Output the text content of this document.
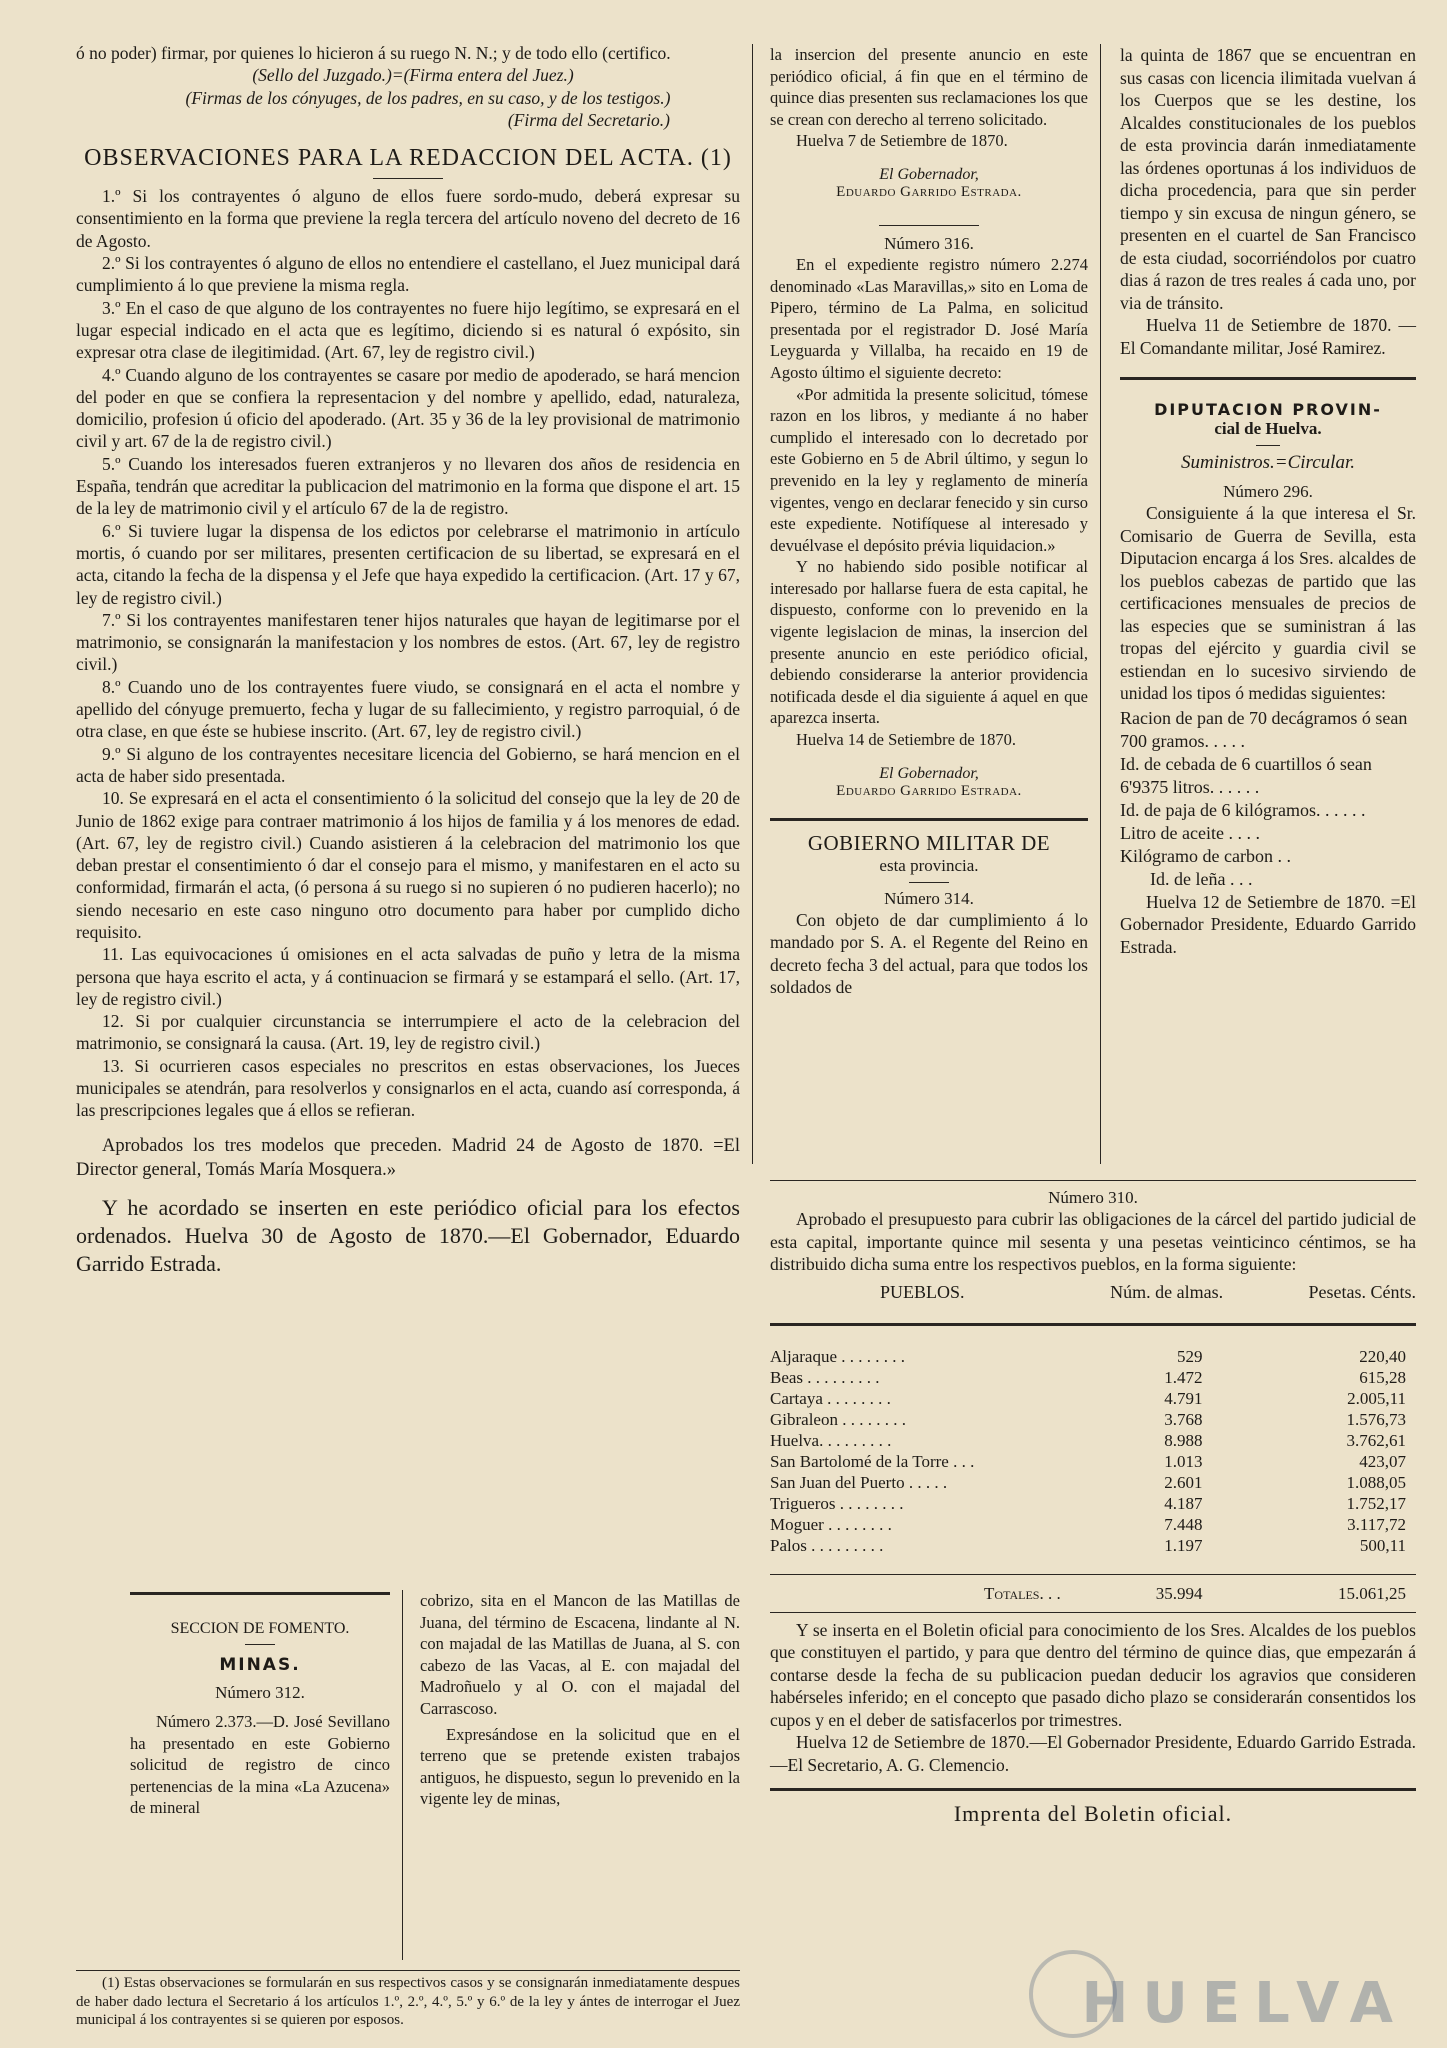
ó no poder) firmar, por quienes lo hicieron á su ruego N. N.; y de todo ello (certifico.

(Sello del Juzgado.)=(Firma entera del Juez.)

(Firmas de los cónyuges, de los padres, en su caso, y de los testigos.)

(Firma del Secretario.)

OBSERVACIONES PARA LA REDACCION DEL ACTA. (1)

1.º Si los contrayentes ó alguno de ellos fuere sordo-mudo, deberá expresar su consentimiento en la forma que previene la regla tercera del artículo noveno del decreto de 16 de Agosto.

2.º Si los contrayentes ó alguno de ellos no entendiere el castellano, el Juez municipal dará cumplimiento á lo que previene la misma regla.

3.º En el caso de que alguno de los contrayentes no fuere hijo legítimo, se expresará en el lugar especial indicado en el acta que es legítimo, diciendo si es natural ó expósito, sin expresar otra clase de ilegitimidad. (Art. 67, ley de registro civil.)

4.º Cuando alguno de los contrayentes se casare por medio de apoderado, se hará mencion del poder en que se confiera la representacion y del nombre y apellido, edad, naturaleza, domicilio, profesion ú oficio del apoderado. (Art. 35 y 36 de la ley provisional de matrimonio civil y art. 67 de la de registro civil.)

5.º Cuando los interesados fueren extranjeros y no llevaren dos años de residencia en España, tendrán que acreditar la publicacion del matrimonio en la forma que dispone el art. 15 de la ley de matrimonio civil y el artículo 67 de la de registro.

6.º Si tuviere lugar la dispensa de los edictos por celebrarse el matrimonio in artículo mortis, ó cuando por ser militares, presenten certificacion de su libertad, se expresará en el acta, citando la fecha de la dispensa y el Jefe que haya expedido la certificacion. (Art. 17 y 67, ley de registro civil.)

7.º Si los contrayentes manifestaren tener hijos naturales que hayan de legitimarse por el matrimonio, se consignarán la manifestacion y los nombres de estos. (Art. 67, ley de registro civil.)

8.º Cuando uno de los contrayentes fuere viudo, se consignará en el acta el nombre y apellido del cónyuge premuerto, fecha y lugar de su fallecimiento, y registro parroquial, ó de otra clase, en que éste se hubiese inscrito. (Art. 67, ley de registro civil.)

9.º Si alguno de los contrayentes necesitare licencia del Gobierno, se hará mencion en el acta de haber sido presentada.

10. Se expresará en el acta el consentimiento ó la solicitud del consejo que la ley de 20 de Junio de 1862 exige para contraer matrimonio á los hijos de familia y á los menores de edad. (Art. 67, ley de registro civil.) Cuando asistieren á la celebracion del matrimonio los que deban prestar el consentimiento ó dar el consejo para el mismo, y manifestaren en el acto su conformidad, firmarán el acta, (ó persona á su ruego si no supieren ó no pudieren hacerlo); no siendo necesario en este caso ninguno otro documento para haber por cumplido dicho requisito.

11. Las equivocaciones ú omisiones en el acta salvadas de puño y letra de la misma persona que haya escrito el acta, y á continuacion se firmará y se estampará el sello. (Art. 17, ley de registro civil.)

12. Si por cualquier circunstancia se interrumpiere el acto de la celebracion del matrimonio, se consignará la causa. (Art. 19, ley de registro civil.)

13. Si ocurrieren casos especiales no prescritos en estas observaciones, los Jueces municipales se atendrán, para resolverlos y consignarlos en el acta, cuando así corresponda, á las prescripciones legales que á ellos se refieran.

Aprobados los tres modelos que preceden. Madrid 24 de Agosto de 1870. =El Director general, Tomás María Mosquera.»

Y he acordado se inserten en este periódico oficial para los efectos ordenados. Huelva 30 de Agosto de 1870.—El Gobernador, Eduardo Garrido Estrada.

SECCION DE FOMENTO.
MINAS.
Número 312.

Número 2.373.—D. José Sevillano ha presentado en este Gobierno solicitud de registro de cinco pertenencias de la mina «La Azucena» de mineral

cobrizo, sita en el Mancon de las Matillas de Juana, del término de Escacena, lindante al N. con majadal de las Matillas de Juana, al S. con cabezo de las Vacas, al E. con majadal del Madroñuelo y al O. con el majadal del Carrascoso.

Expresándose en la solicitud que en el terreno que se pretende existen trabajos antiguos, he dispuesto, segun lo prevenido en la vigente ley de minas,

(1) Estas observaciones se formularán en sus respectivos casos y se consignarán inmediatamente despues de haber dado lectura el Secretario á los artículos 1.º, 2.º, 4.º, 5.º y 6.º de la ley y ántes de interrogar el Juez municipal á los contrayentes si se quieren por esposos.

la insercion del presente anuncio en este periódico oficial, á fin que en el término de quince dias presenten sus reclamaciones los que se crean con derecho al terreno solicitado.

Huelva 7 de Setiembre de 1870.

El Gobernador,

Eduardo Garrido Estrada.

Número 316.

En el expediente registro número 2.274 denominado «Las Maravillas,» sito en Loma de Pipero, término de La Palma, en solicitud presentada por el registrador D. José María Leyguarda y Villalba, ha recaido en 19 de Agosto último el siguiente decreto:

«Por admitida la presente solicitud, tómese razon en los libros, y mediante á no haber cumplido el interesado con lo decretado por este Gobierno en 5 de Abril último, y segun lo prevenido en la ley y reglamento de minería vigentes, vengo en declarar fenecido y sin curso este expediente. Notifíquese al interesado y devuélvase el depósito prévia liquidacion.»

Y no habiendo sido posible notificar al interesado por hallarse fuera de esta capital, he dispuesto, conforme con lo prevenido en la vigente legislacion de minas, la insercion del presente anuncio en este periódico oficial, debiendo considerarse la anterior providencia notificada desde el dia siguiente á aquel en que aparezca inserta.

Huelva 14 de Setiembre de 1870.

El Gobernador,

Eduardo Garrido Estrada.

GOBIERNO MILITAR DE
esta provincia.
Número 314.

Con objeto de dar cumplimiento á lo mandado por S. A. el Regente del Reino en decreto fecha 3 del actual, para que todos los soldados de

la quinta de 1867 que se encuentran en sus casas con licencia ilimitada vuelvan á los Cuerpos que se les destine, los Alcaldes constitucionales de los pueblos de esta provincia darán inmediatamente las órdenes oportunas á los individuos de dicha procedencia, para que sin perder tiempo y sin excusa de ningun género, se presenten en el cuartel de San Francisco de esta ciudad, socorriéndolos por cuatro dias á razon de tres reales á cada uno, por via de tránsito.

Huelva 11 de Setiembre de 1870. —El Comandante militar, José Ramirez.

DIPUTACION PROVIN-
cial de Huelva.
Suministros.=Circular.
Número 296.

Consiguiente á la que interesa el Sr. Comisario de Guerra de Sevilla, esta Diputacion encarga á los Sres. alcaldes de los pueblos cabezas de partido que las certificaciones mensuales de precios de las especies que se suministran á las tropas del ejército y guardia civil se estiendan en lo sucesivo sirviendo de unidad los tipos ó medidas siguientes:

Racion de pan de 70 decágramos ó sean 700 gramos. . . . .
Id. de cebada de 6 cuartillos ó sean 6'9375 litros. . . . . .
Id. de paja de 6 kilógramos. . . . . .
Litro de aceite . . . .
Kilógramo de carbon . .
Id. de leña . . .

Huelva 12 de Setiembre de 1870. =El Gobernador Presidente, Eduardo Garrido Estrada.

Número 310.

Aprobado el presupuesto para cubrir las obligaciones de la cárcel del partido judicial de esta capital, importante quince mil sesenta y una pesetas veinticinco céntimos, se ha distribuido dicha suma entre los respectivos pueblos, en la forma siguiente:

PUEBLOS.	Núm. de almas.	Pesetas. Cénts.

Aljaraque . . . . . . . .	529	220,40
Beas . . . . . . . . .	1.472	615,28
Cartaya . . . . . . . .	4.791	2.005,11
Gibraleon . . . . . . . .	3.768	1.576,73
Huelva. . . . . . . . .	8.988	3.762,61
San Bartolomé de la Torre . . .	1.013	423,07
San Juan del Puerto . . . . .	2.601	1.088,05
Trigueros . . . . . . . .	4.187	1.752,17
Moguer . . . . . . . .	7.448	3.117,72
Palos . . . . . . . . .	1.197	500,11

Totales. . .	35.994	15.061,25

Y se inserta en el Boletin oficial para conocimiento de los Sres. Alcaldes de los pueblos que constituyen el partido, y para que dentro del término de quince dias, que empezarán á contarse desde la fecha de su publicacion puedan deducir los agravios que consideren habérseles inferido; en el concepto que pasado dicho plazo se considerarán consentidos los cupos y en el deber de satisfacerlos por trimestres.

Huelva 12 de Setiembre de 1870.—El Gobernador Presidente, Eduardo Garrido Estrada.—El Secretario, A. G. Clemencio.

Imprenta del Boletin oficial.
HUELVA
